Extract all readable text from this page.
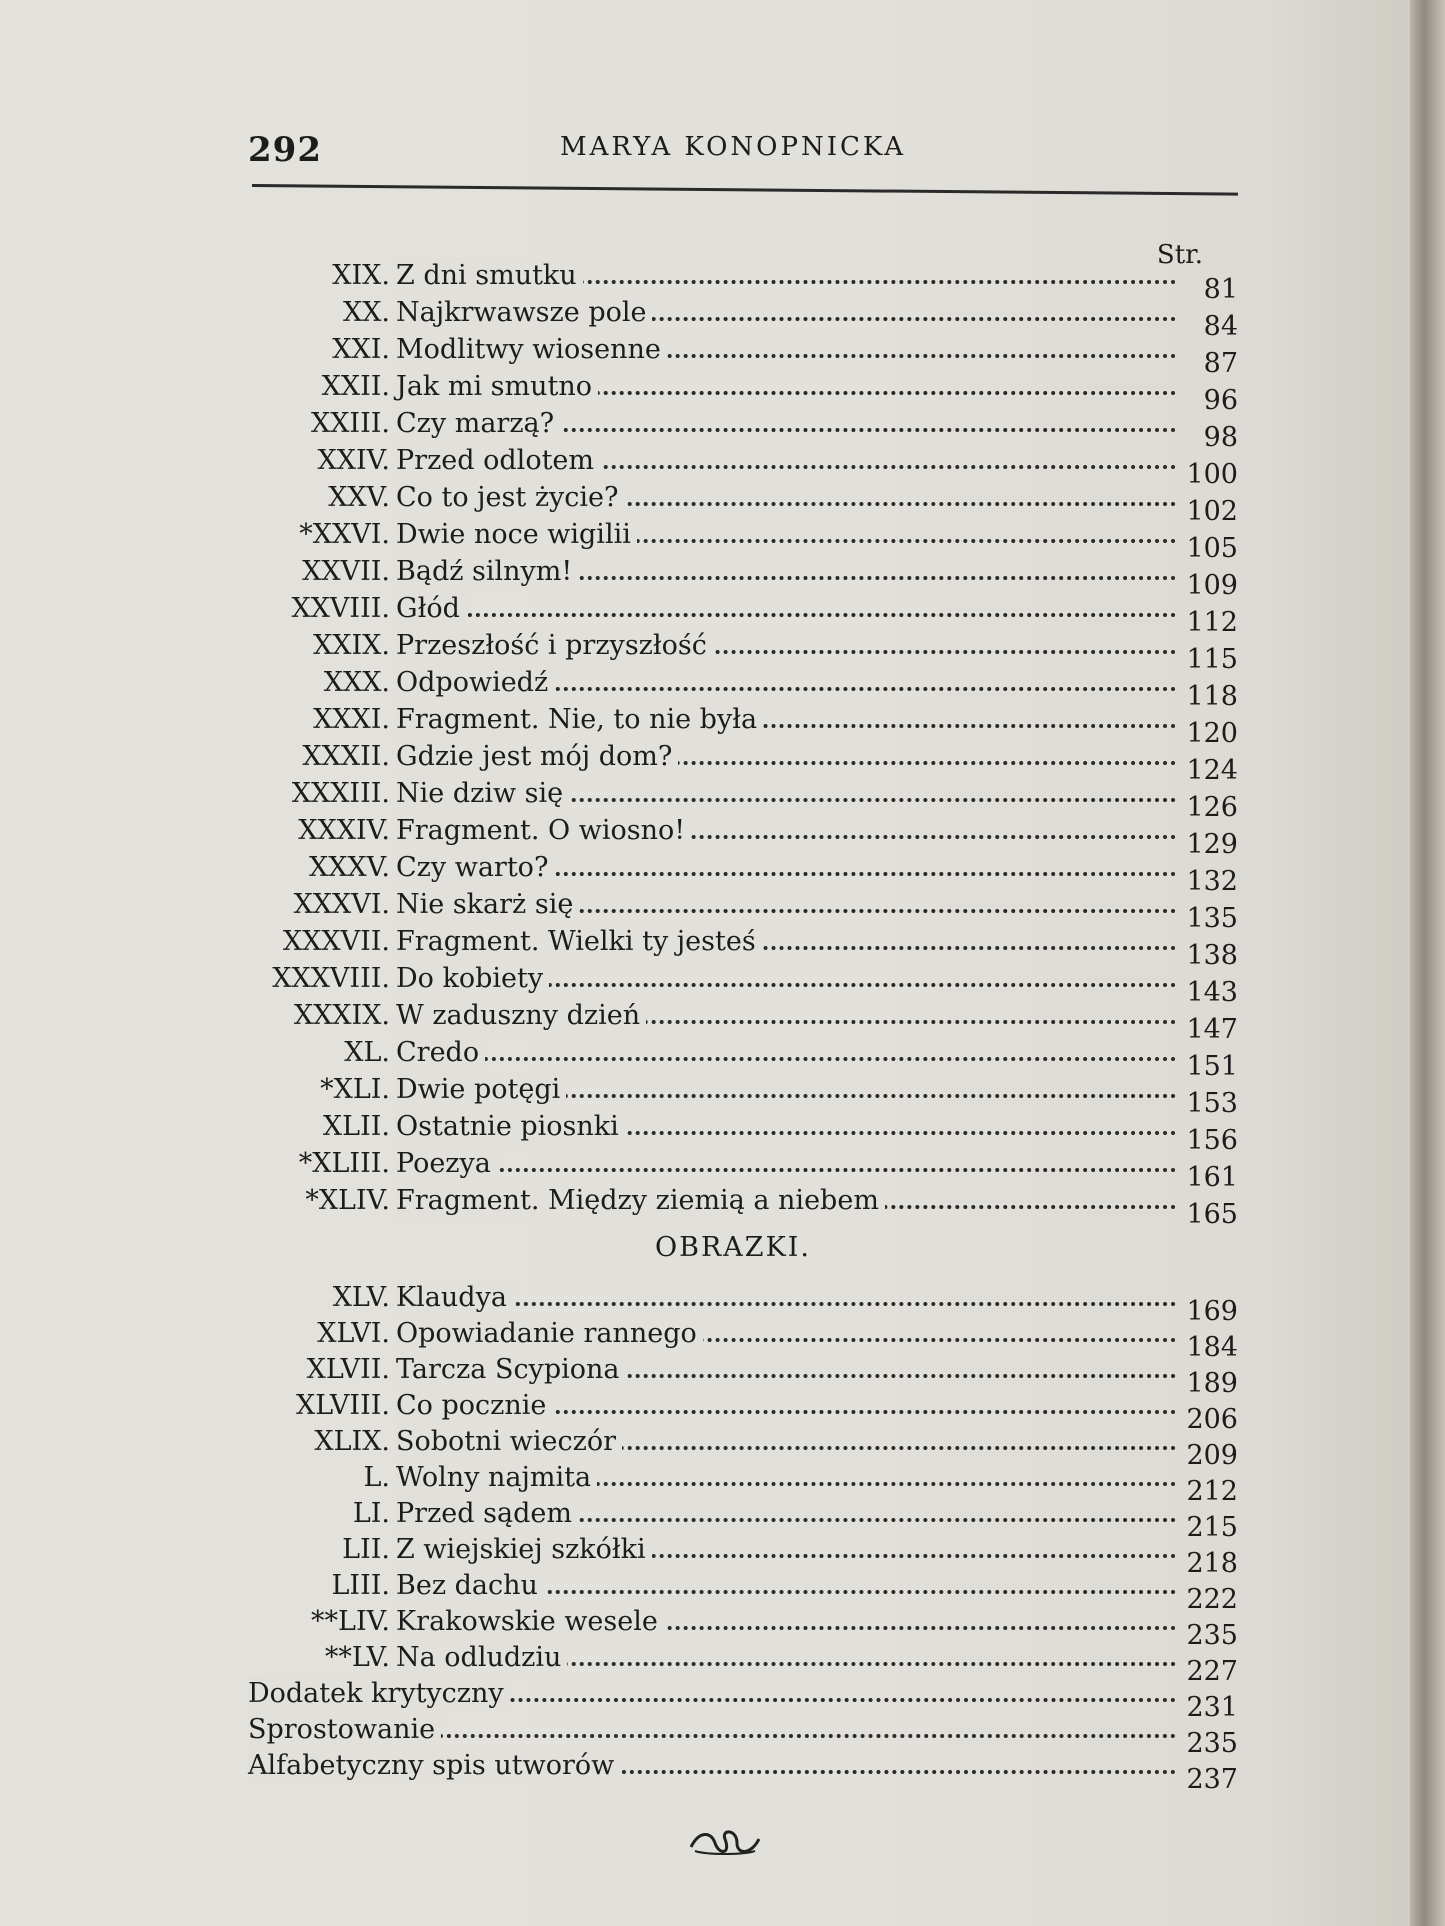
292	MARYA KONOPNICKA
Str.
XIX. Z dni smutku	81
XX. Najkrwawsze pole	84
XXI. Modlitwy wiosenne	87
XXII. Jak mi smutno	96
XXIII. Czy marzą?	98
XXIV. Przed odlotem	100
XXV. Co to jest życie?	102
*XXVI. Dwie noce wigilii	105
XXVII. Bądź silnym!	109
XXVIII. Głód	112
XXIX. Przeszłość i przyszłość	115
XXX. Odpowiedź	118
XXXI. Fragment. Nie, to nie była	120
XXXII. Gdzie jest mój dom?	124
XXXIII. Nie dziw się	126
XXXIV. Fragment. O wiosno!	129
XXXV. Czy warto?	132
XXXVI. Nie skarż się	135
XXXVII. Fragment. Wielki ty jesteś	138
XXXVIII. Do kobiety	143
XXXIX. W zaduszny dzień	147
XL. Credo	151
*XLI. Dwie potęgi	153
XLII. Ostatnie piosnki	156
*XLIII. Poezya	161
*XLIV. Fragment. Między ziemią a niebem	165
XLV. Klaudya	169
XLVI. Opowiadanie rannego	184
XLVII. Tarcza Scypiona	189
XLVIII. Co pocznie	206
XLIX. Sobotni wieczór	209
L. Wolny najmita	212
LI. Przed sądem	215
LII. Z wiejskiej szkółki	218
LIII. Bez dachu	222
**LIV. Krakowskie wesele	235
**LV. Na odludziu	227
Dodatek krytyczny	231
Sprostowanie	235
Alfabetyczny spis utworów	237
OBRAZKI.
